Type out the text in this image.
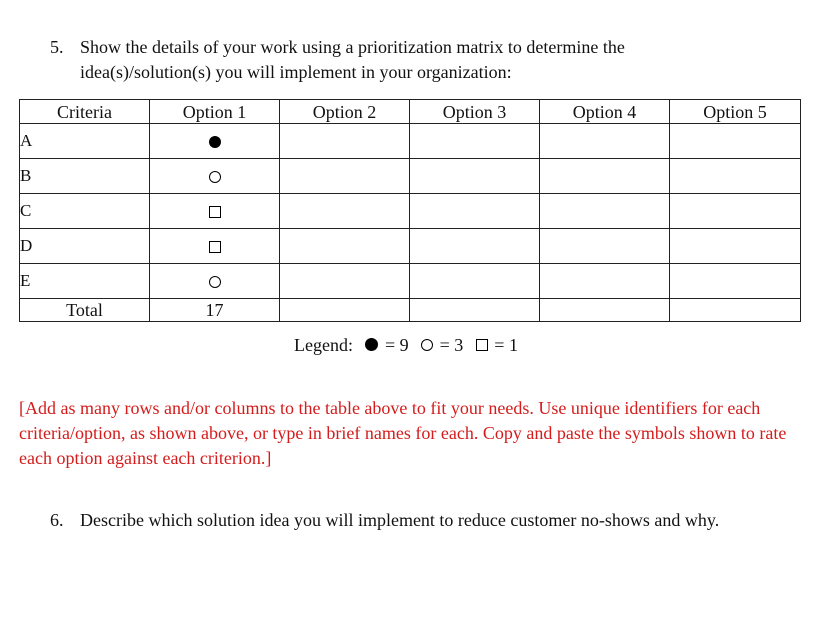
5. Show the details of your work using a prioritization matrix to determine the idea(s)/solution(s) you will implement in your organization:
Criteria	Option 1	Option 2	Option 3	Option 4	Option 5
A					
B					
C					
D					
E					
Total	17				
Legend: = 9 = 3 = 1
[Add as many rows and/or columns to the table above to fit your needs. Use unique identifiers for each criteria/option, as shown above, or type in brief names for each. Copy and paste the symbols shown to rate each option against each criterion.]
6. Describe which solution idea you will implement to reduce customer no-shows and why.
